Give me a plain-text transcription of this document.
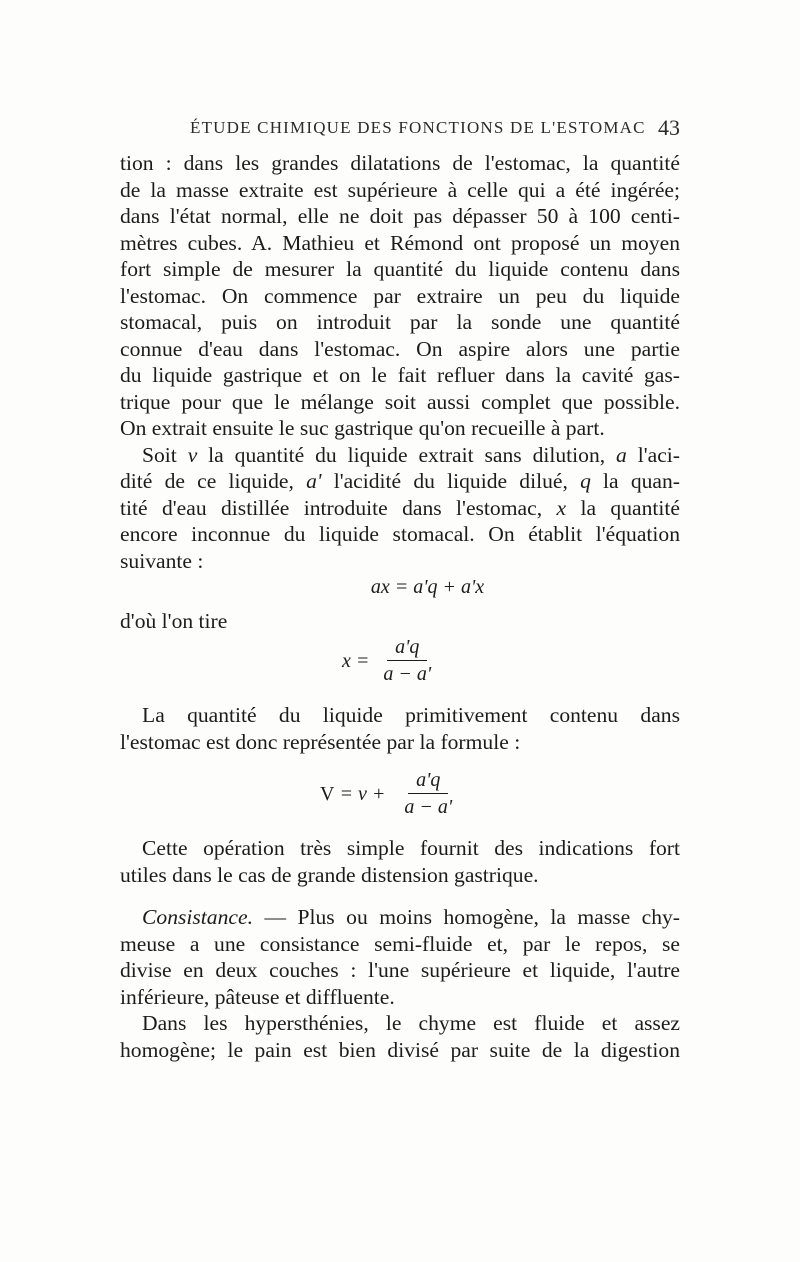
ÉTUDE CHIMIQUE DES FONCTIONS DE L'ESTOMAC 43
tion : dans les grandes dilatations de l'estomac, la quantité
de la masse extraite est supérieure à celle qui a été ingérée;
dans l'état normal, elle ne doit pas dépasser 50 à 100 centi-
mètres cubes. A. Mathieu et Rémond ont proposé un moyen
fort simple de mesurer la quantité du liquide contenu dans
l'estomac. On commence par extraire un peu du liquide
stomacal, puis on introduit par la sonde une quantité
connue d'eau dans l'estomac. On aspire alors une partie
du liquide gastrique et on le fait refluer dans la cavité gas-
trique pour que le mélange soit aussi complet que possible.
On extrait ensuite le suc gastrique qu'on recueille à part.
Soit v la quantité du liquide extrait sans dilution, a l'aci-
dité de ce liquide, a' l'acidité du liquide dilué, q la quan-
tité d'eau distillée introduite dans l'estomac, x la quantité
encore inconnue du liquide stomacal. On établit l'équation
suivante :
ax = a'q + a'x
d'où l'on tire
$x = \frac{a'q}{a - a'}$
La quantité du liquide primitivement contenu dans
l'estomac est donc représentée par la formule :
$V = v + \frac{a'q}{a - a'}$
Cette opération très simple fournit des indications fort
utiles dans le cas de grande distension gastrique.
Consistance. — Plus ou moins homogène, la masse chy-
meuse a une consistance semi-fluide et, par le repos, se
divise en deux couches : l'une supérieure et liquide, l'autre
inférieure, pâteuse et diffluente.
Dans les hypersthénies, le chyme est fluide et assez
homogène; le pain est bien divisé par suite de la digestion
